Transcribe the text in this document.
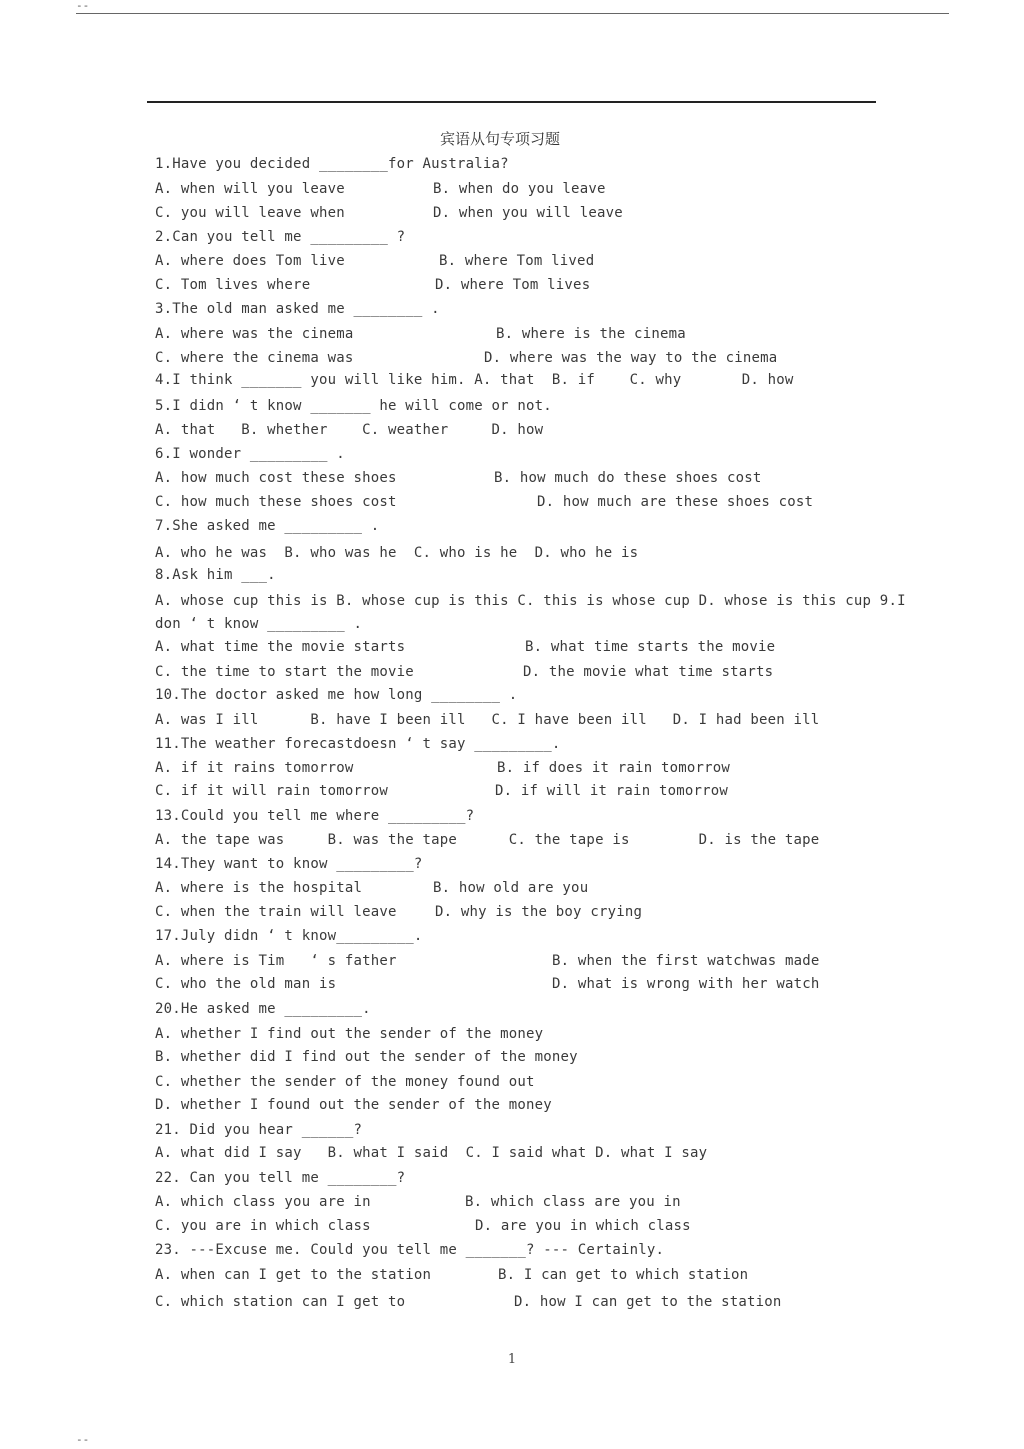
--
宾语从句专项习题
1.Have you decided ________for Australia?
A. when will you leave	B. when do you leave
C. you will leave when	D. when you will leave
2.Can you tell me _________ ?
A. where does Tom live	B. where Tom lived
C. Tom lives where	D. where Tom lives
3.The old man asked me ________ .
A. where was the cinema	B. where is the cinema
C. where the cinema was	D. where was the way to the cinema
4.I think _______ you will like him. A. that  B. if    C. why       D. how
5.I didn ‘ t know _______ he will come or not.
A. that   B. whether    C. weather     D. how
6.I wonder _________ .
A. how much cost these shoes	B. how much do these shoes cost
C. how much these shoes cost	D. how much are these shoes cost
7.She asked me _________ .
A. who he was  B. who was he  C. who is he  D. who he is
8.Ask him ___.
A. whose cup this is B. whose cup is this C. this is whose cup D. whose is this cup 9.I
don ‘ t know _________ .
A. what time the movie starts	B. what time starts the movie
C. the time to start the movie	D. the movie what time starts
10.The doctor asked me how long ________ .
A. was I ill      B. have I been ill   C. I have been ill   D. I had been ill
11.The weather forecastdoesn ‘ t say _________.
A. if it rains tomorrow	B. if does it rain tomorrow
C. if it will rain tomorrow	D. if will it rain tomorrow
13.Could you tell me where _________?
A. the tape was     B. was the tape      C. the tape is        D. is the tape
14.They want to know _________?
A. where is the hospital	B. how old are you
C. when the train will leave	D. why is the boy crying
17.July didn ‘ t know_________.
A. where is Tim   ‘ s father	B. when the first watchwas made
C. who the old man is	D. what is wrong with her watch
20.He asked me _________.
A. whether I find out the sender of the money
B. whether did I find out the sender of the money
C. whether the sender of the money found out
D. whether I found out the sender of the money
21. Did you hear ______?
A. what did I say   B. what I said  C. I said what D. what I say
22. Can you tell me ________?
A. which class you are in	B. which class are you in
C. you are in which class	D. are you in which class
23. ---Excuse me. Could you tell me _______? --- Certainly.
A. when can I get to the station	B. I can get to which station
C. which station can I get to	D. how I can get to the station
1
--
